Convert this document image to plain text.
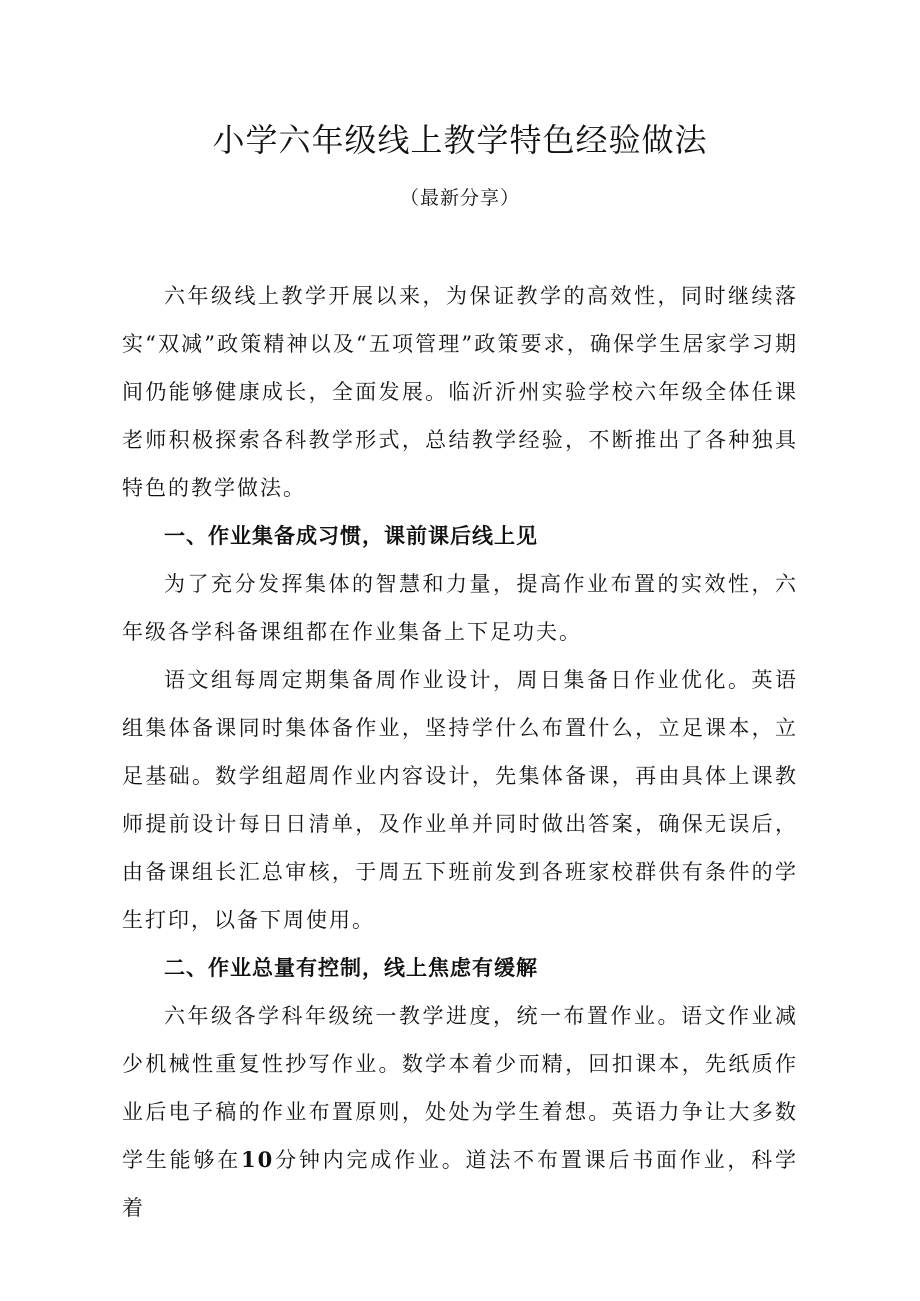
小学六年级线上教学特色经验做法
（最新分享）

六年级线上教学开展以来，为保证教学的高效性，同时继续落实“双减”政策精神以及“五项管理”政策要求，确保学生居家学习期间仍能够健康成长，全面发展。临沂沂州实验学校六年级全体任课老师积极探索各科教学形式，总结教学经验，不断推出了各种独具特色的教学做法。

一、作业集备成习惯，课前课后线上见

为了充分发挥集体的智慧和力量，提高作业布置的实效性，六年级各学科备课组都在作业集备上下足功夫。

语文组每周定期集备周作业设计，周日集备日作业优化。英语组集体备课同时集体备作业，坚持学什么布置什么，立足课本，立足基础。数学组超周作业内容设计，先集体备课，再由具体上课教师提前设计每日日清单，及作业单并同时做出答案，确保无误后，由备课组长汇总审核，于周五下班前发到各班家校群供有条件的学生打印，以备下周使用。

二、作业总量有控制，线上焦虑有缓解

六年级各学科年级统一教学进度，统一布置作业。语文作业减少机械性重复性抄写作业。数学本着少而精，回扣课本，先纸质作业后电子稿的作业布置原则，处处为学生着想。英语力争让大多数学生能够在10分钟内完成作业。道法不布置课后书面作业，科学着
